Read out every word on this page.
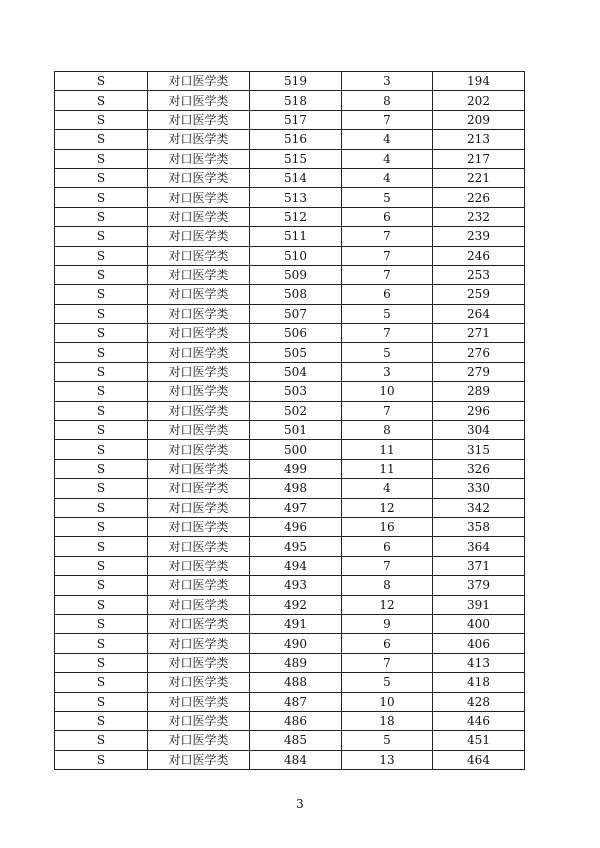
S	对口医学类	519	3	194
S	对口医学类	518	8	202
S	对口医学类	517	7	209
S	对口医学类	516	4	213
S	对口医学类	515	4	217
S	对口医学类	514	4	221
S	对口医学类	513	5	226
S	对口医学类	512	6	232
S	对口医学类	511	7	239
S	对口医学类	510	7	246
S	对口医学类	509	7	253
S	对口医学类	508	6	259
S	对口医学类	507	5	264
S	对口医学类	506	7	271
S	对口医学类	505	5	276
S	对口医学类	504	3	279
S	对口医学类	503	10	289
S	对口医学类	502	7	296
S	对口医学类	501	8	304
S	对口医学类	500	11	315
S	对口医学类	499	11	326
S	对口医学类	498	4	330
S	对口医学类	497	12	342
S	对口医学类	496	16	358
S	对口医学类	495	6	364
S	对口医学类	494	7	371
S	对口医学类	493	8	379
S	对口医学类	492	12	391
S	对口医学类	491	9	400
S	对口医学类	490	6	406
S	对口医学类	489	7	413
S	对口医学类	488	5	418
S	对口医学类	487	10	428
S	对口医学类	486	18	446
S	对口医学类	485	5	451
S	对口医学类	484	13	464
3
